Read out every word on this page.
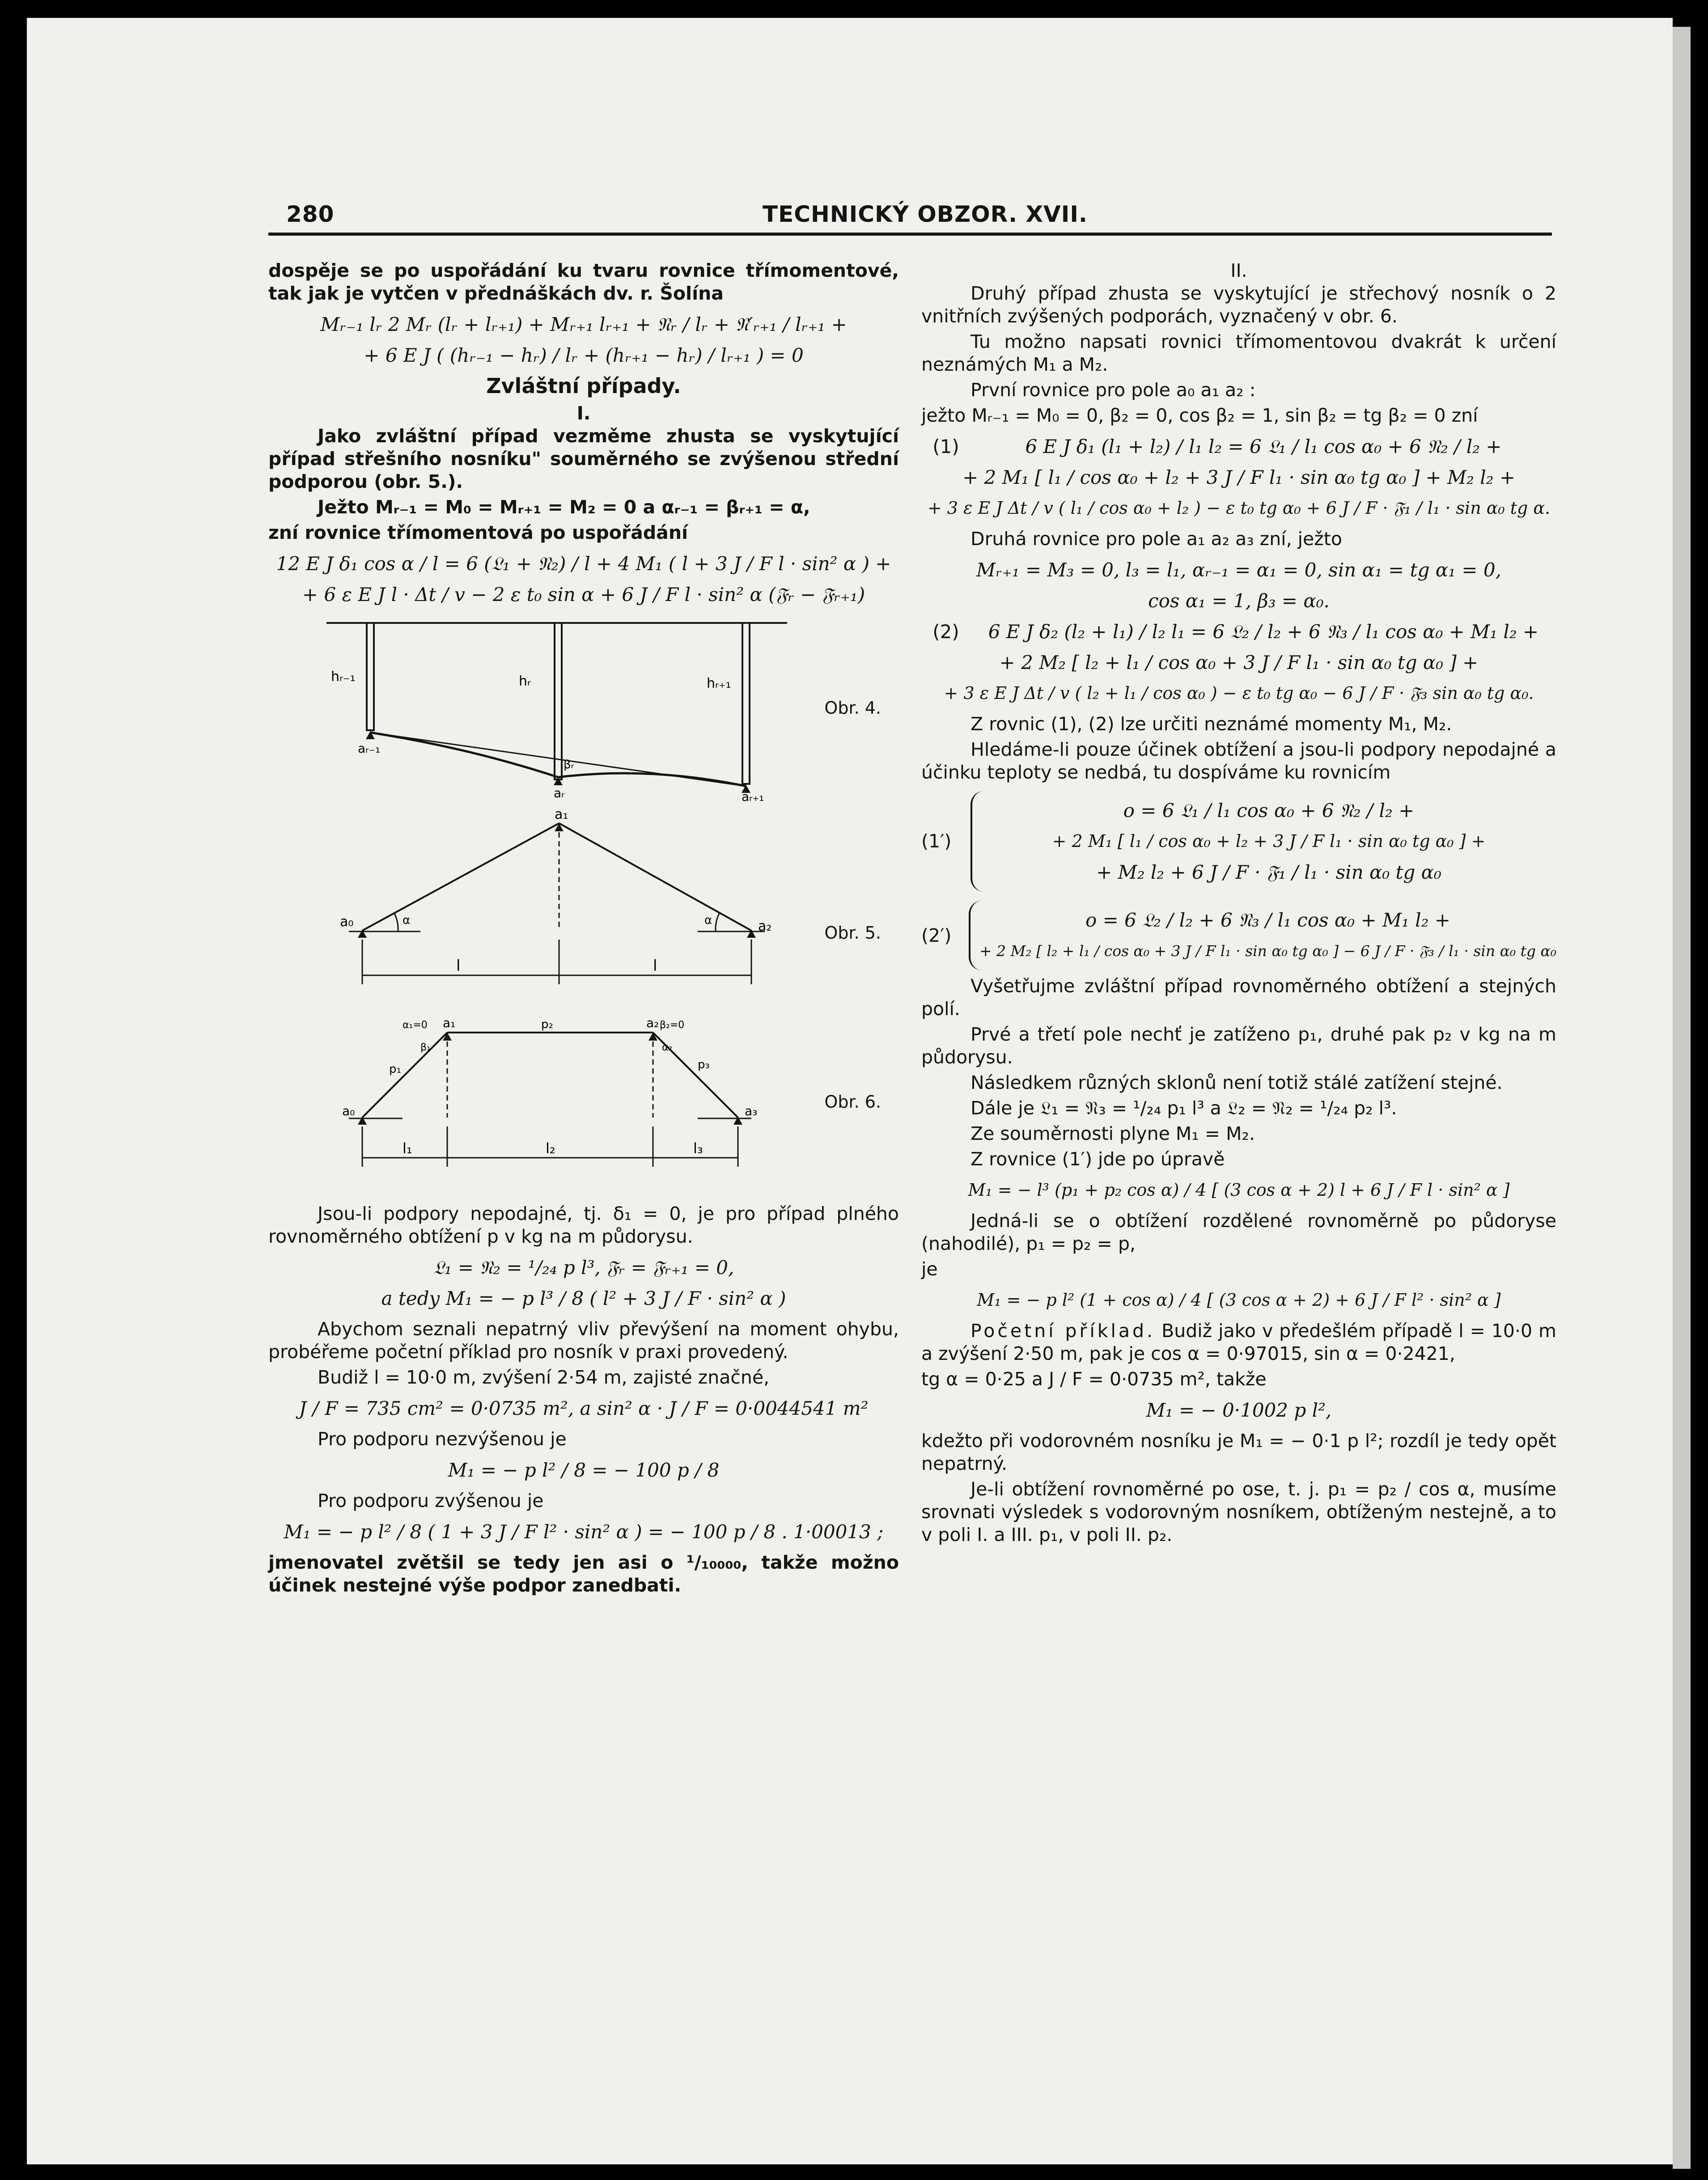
280	TECHNICKÝ OBZOR. XVII.

dospěje se po uspořádání ku tvaru rovnice třímomentové, tak jak je vytčen v přednáškách dv. r. Šolína

Mᵣ₋₁ lᵣ 2 Mᵣ (lᵣ + lᵣ₊₁) + Mᵣ₊₁ lᵣ₊₁ + 𝔑ᵣ / lᵣ + 𝔑′ᵣ₊₁ / lᵣ₊₁ +
+ 6 E J ( (hᵣ₋₁ − hᵣ) / lᵣ + (hᵣ₊₁ − hᵣ) / lᵣ₊₁ ) = 0
Zvláštní případy.
I.

Jako zvláštní případ vezměme zhusta se vyskytující případ střešního nosníku" souměrného se zvýšenou střední podporou (obr. 5.).

Ježto Mᵣ₋₁ = M₀ = Mᵣ₊₁ = M₂ = 0 a αᵣ₋₁ = βᵣ₊₁ = α,

zní rovnice třímomentová po uspořádání

12 E J δ₁ cos α / l = 6 (𝔏₁ + 𝔑₂) / l + 4 M₁ ( l + 3 J / F l · sin² α ) +
+ 6 ε E J l · Δt / v − 2 ε t₀ sin α + 6 J / F l · sin² α (𝔉ᵣ − 𝔉ᵣ₊₁)
hᵣ₋₁	hᵣ	hᵣ₊₁
aᵣ₋₁
aᵣ	aᵣ₊₁
βᵣ
Obr. 4.
a₀
a₁
a₂
α	α
l	l
Obr. 5.
a₀
a₁	a₂
a₃
p₁
p₂
p₃
α₁=0	β₂=0
β₁	α₂
l₁	l₂	l₃
Obr. 6.

Jsou-li podpory nepodajné, tj. δ₁ = 0, je pro případ plného rovnoměrného obtížení p v kg na m půdorysu.

𝔏₁ = 𝔑₂ = ¹/₂₄ p l³, 𝔉ᵣ = 𝔉ᵣ₊₁ = 0,
a tedy M₁ = − p l³ / 8 ( l² + 3 J / F · sin² α )

Abychom seznali nepatrný vliv převýšení na moment ohybu, probéřeme početní příklad pro nosník v praxi provedený.

Budiž l = 10·0 m, zvýšení 2·54 m, zajisté značné,

J / F = 735 cm² = 0·0735 m², a sin² α · J / F = 0·0044541 m²

Pro podporu nezvýšenou je

M₁ = − p l² / 8 = − 100 p / 8

Pro podporu zvýšenou je

M₁ = − p l² / 8 ( 1 + 3 J / F l² · sin² α ) = − 100 p / 8 . 1·00013 ;

jmenovatel zvětšil se tedy jen asi o ¹/₁₀₀₀₀, takže možno účinek nestejné výše podpor zanedbati.

II.

Druhý případ zhusta se vyskytující je střechový nosník o 2 vnitřních zvýšených podporách, vyznačený v obr. 6.

Tu možno napsati rovnici třímomentovou dvakrát k určení neznámých M₁ a M₂.

První rovnice pro pole a₀ a₁ a₂ :

ježto Mᵣ₋₁ = M₀ = 0, β₂ = 0, cos β₂ = 1, sin β₂ = tg β₂ = 0 zní

(1)	6 E J δ₁ (l₁ + l₂) / l₁ l₂ = 6 𝔏₁ / l₁ cos α₀ + 6 𝔑₂ / l₂ +
+ 2 M₁ [ l₁ / cos α₀ + l₂ + 3 J / F l₁ · sin α₀ tg α₀ ] + M₂ l₂ +
+ 3 ε E J Δt / v ( l₁ / cos α₀ + l₂ ) − ε t₀ tg α₀ + 6 J / F · 𝔉₁ / l₁ · sin α₀ tg α.

Druhá rovnice pro pole a₁ a₂ a₃ zní, ježto

Mᵣ₊₁ = M₃ = 0, l₃ = l₁, αᵣ₋₁ = α₁ = 0, sin α₁ = tg α₁ = 0,
cos α₁ = 1, β₃ = α₀.
(2)	6 E J δ₂ (l₂ + l₁) / l₂ l₁ = 6 𝔏₂ / l₂ + 6 𝔑₃ / l₁ cos α₀ + M₁ l₂ +
+ 2 M₂ [ l₂ + l₁ / cos α₀ + 3 J / F l₁ · sin α₀ tg α₀ ] +
+ 3 ε E J Δt / v ( l₂ + l₁ / cos α₀ ) − ε t₀ tg α₀ − 6 J / F · 𝔉₃ sin α₀ tg α₀.

Z rovnic (1), (2) lze určiti neznámé momenty M₁, M₂.

Hledáme-li pouze účinek obtížení a jsou-li podpory nepodajné a účinku teploty se nedbá, tu dospíváme ku rovnicím

(1′)
o = 6 𝔏₁ / l₁ cos α₀ + 6 𝔑₂ / l₂ +
+ 2 M₁ [ l₁ / cos α₀ + l₂ + 3 J / F l₁ · sin α₀ tg α₀ ] +
+ M₂ l₂ + 6 J / F · 𝔉₁ / l₁ · sin α₀ tg α₀
(2′)
o = 6 𝔏₂ / l₂ + 6 𝔑₃ / l₁ cos α₀ + M₁ l₂ +
+ 2 M₂ [ l₂ + l₁ / cos α₀ + 3 J / F l₁ · sin α₀ tg α₀ ] − 6 J / F · 𝔉₃ / l₁ · sin α₀ tg α₀

Vyšetřujme zvláštní případ rovnoměrného obtížení a stejných polí.

Prvé a třetí pole nechť je zatíženo p₁, druhé pak p₂ v kg na m půdorysu.

Následkem různých sklonů není totiž stálé zatížení stejné.

Dále je 𝔏₁ = 𝔑₃ = ¹/₂₄ p₁ l³ a 𝔏₂ = 𝔑₂ = ¹/₂₄ p₂ l³.

Ze souměrnosti plyne M₁ = M₂.

Z rovnice (1′) jde po úpravě

M₁ = − l³ (p₁ + p₂ cos α) / 4 [ (3 cos α + 2) l + 6 J / F l · sin² α ]

Jedná-li se o obtížení rozdělené rovnoměrně po půdoryse (nahodilé), p₁ = p₂ = p,

je

M₁ = − p l² (1 + cos α) / 4 [ (3 cos α + 2) + 6 J / F l² · sin² α ]

Početní příklad. Budiž jako v předešlém případě l = 10·0 m a zvýšení 2·50 m, pak je cos α = 0·97015, sin α = 0·2421,

tg α = 0·25 a J / F = 0·0735 m², takže

M₁ = − 0·1002 p l²,

kdežto při vodorovném nosníku je M₁ = − 0·1 p l²; rozdíl je tedy opět nepatrný.

Je-li obtížení rovnoměrné po ose, t. j. p₁ = p₂ / cos α, musíme srovnati výsledek s vodorovným nosníkem, obtíženým nestejně, a to v poli I. a III. p₁, v poli II. p₂.
